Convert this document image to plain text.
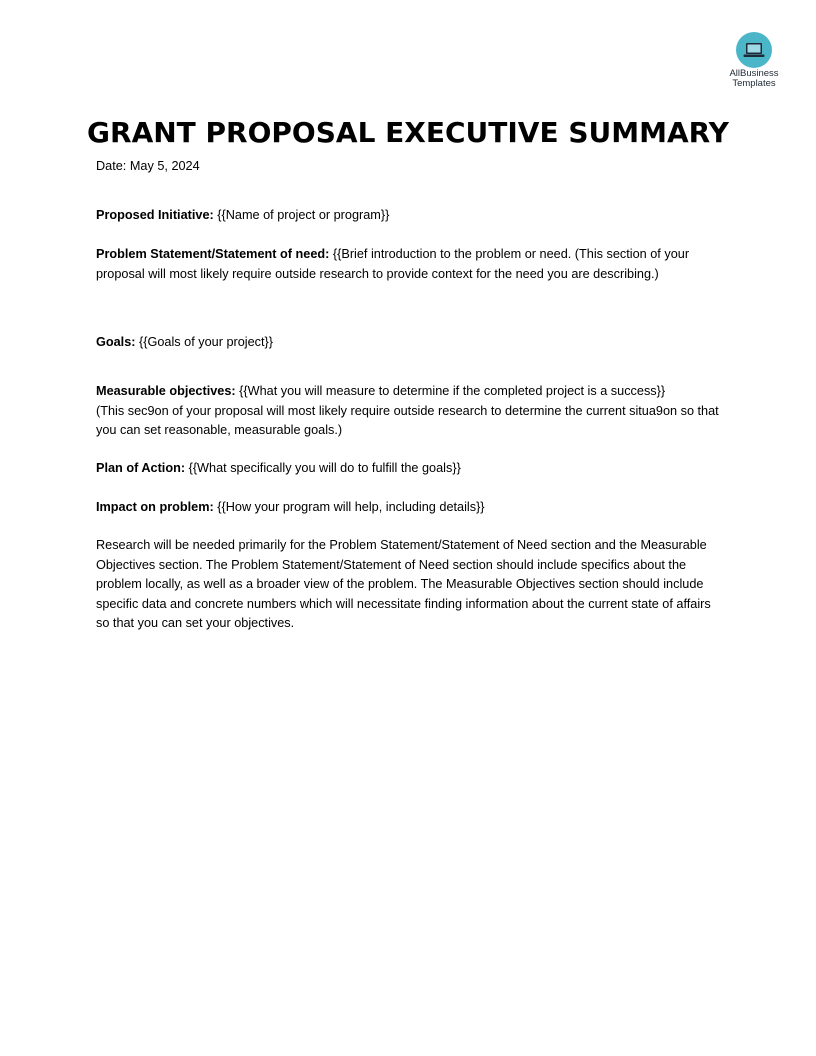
AllBusiness
Templates
GRANT PROPOSAL EXECUTIVE SUMMARY

Date: May 5, 2024

Proposed Initiative: {{Name of project or program}}

Problem Statement/Statement of need: {{Brief introduction to the problem or need. (This section of your proposal will most likely require outside research to provide context for the need you are describing.)

Goals: {{Goals of your project}}

Measurable objectives: {{What you will measure to determine if the completed project is a success}}

(This sec9on of your proposal will most likely require outside research to determine the current situa9on so that you can set reasonable, measurable goals.)

Plan of Action: {{What specifically you will do to fulfill the goals}}

Impact on problem: {{How your program will help, including details}}

Research will be needed primarily for the Problem Statement/Statement of Need section and the Measurable Objectives section. The Problem Statement/Statement of Need section should include specifics about the problem locally, as well as a broader view of the problem. The Measurable Objectives section should include specific data and concrete numbers which will necessitate finding information about the current state of affairs so that you can set your objectives.
